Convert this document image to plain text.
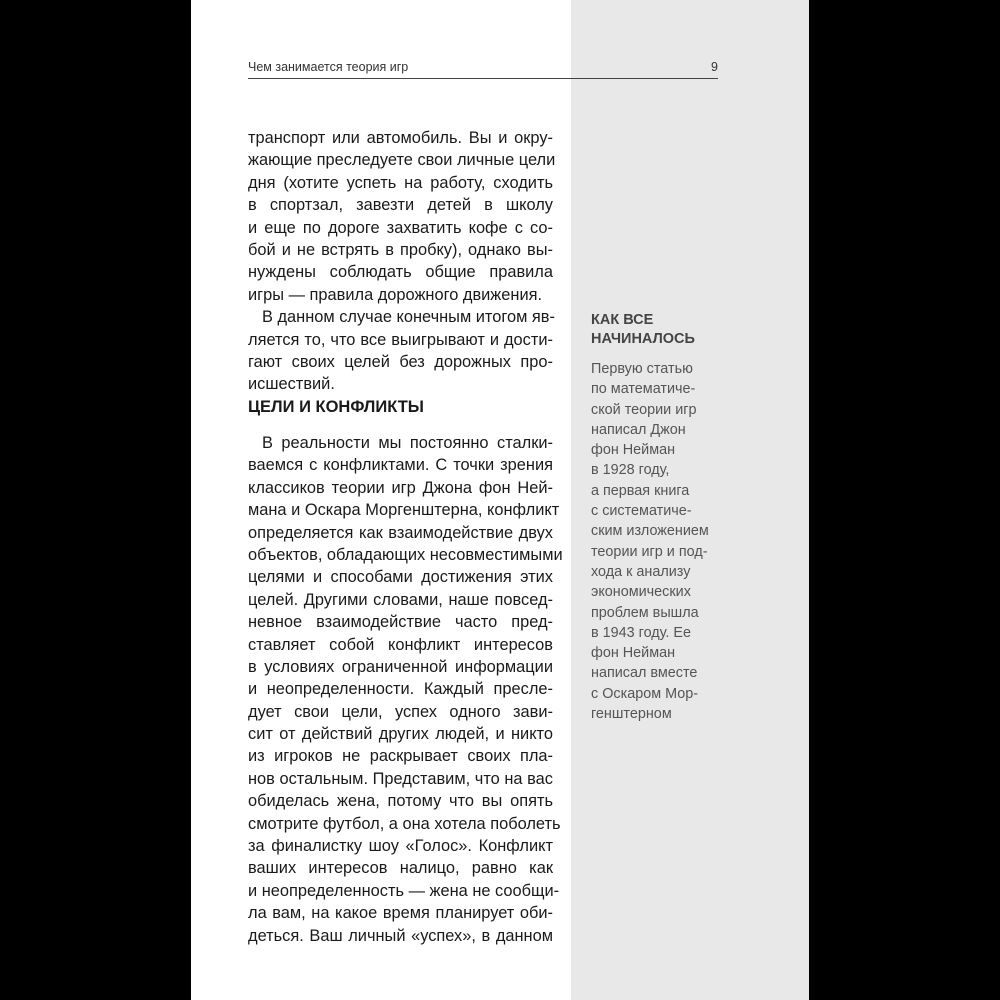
Чем занимается теория игр	9
транспорт или автомобиль. Вы и окру-
жающие преследуете свои личные цели
дня (хотите успеть на работу, сходить
в спортзал, завезти детей в школу
и еще по дороге захватить кофе с со-
бой и не встрять в пробку), однако вы-
нуждены соблюдать общие правила
игры — правила дорожного движения.
В данном случае конечным итогом яв-
ляется то, что все выигрывают и дости-
гают своих целей без дорожных про-
исшествий.
ЦЕЛИ И КОНФЛИКТЫ
В реальности мы постоянно сталки-
ваемся с конфликтами. С точки зрения
классиков теории игр Джона фон Ней-
мана и Оскара Моргенштерна, конфликт
определяется как взаимодействие двух
объектов, обладающих несовместимыми
целями и способами достижения этих
целей. Другими словами, наше повсед-
невное взаимодействие часто пред-
ставляет собой конфликт интересов
в условиях ограниченной информации
и неопределенности. Каждый пресле-
дует свои цели, успех одного зави-
сит от действий других людей, и никто
из игроков не раскрывает своих пла-
нов остальным. Представим, что на вас
обиделась жена, потому что вы опять
смотрите футбол, а она хотела поболеть
за финалистку шоу «Голос». Конфликт
ваших интересов налицо, равно как
и неопределенность — жена не сообщи-
ла вам, на какое время планирует оби-
деться. Ваш личный «успех», в данном
КАК ВСЕ
НАЧИНАЛОСЬ
Первую статью
по математиче-
ской теории игр
написал Джон
фон Нейман
в 1928 году,
а первая книга
с систематиче-
ским изложением
теории игр и под-
хода к анализу
экономических
проблем вышла
в 1943 году. Ее
фон Нейман
написал вместе
с Оскаром Мор-
генштерном
